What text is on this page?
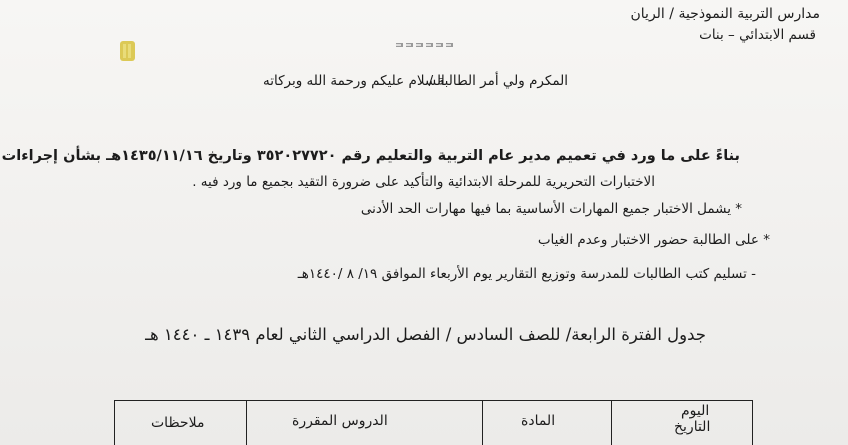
مدارس التربية النموذجية / الريان
قسم الابتدائي – بنات
المكرم ولي أمر الطالبة /
السلام عليكم ورحمة الله وبركاته
بناءً على ما ورد في تعميم مدير عام التربية والتعليم رقم ٣٥٢٠٢٧٧٢٠ وتاريخ ١٤٣٥/١١/١٦هـ بشأن إجراءات
الاختبارات التحريرية للمرحلة الابتدائية والتأكيد على ضرورة التقيد بجميع ما ورد فيه .
* يشمل الاختبار جميع المهارات الأساسية بما فيها مهارات الحد الأدنى
* على الطالبة حضور الاختبار وعدم الغياب
- تسليم كتب الطالبات للمدرسة وتوزيع التقارير يوم الأربعاء الموافق ١٩/ ٨ /١٤٤٠هـ
جدول الفترة الرابعة/ للصف السادس / الفصل الدراسي الثاني لعام ١٤٣٩ ـ ١٤٤٠ هـ
اليوم
التاريخ
المادة
الدروس المقررة
ملاحظات
